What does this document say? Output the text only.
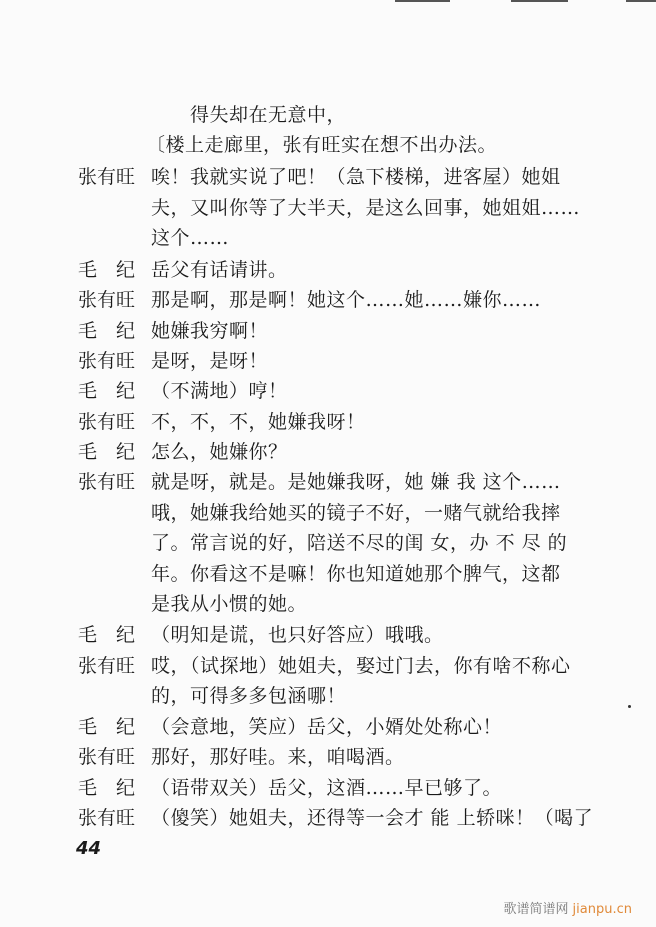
得失却在无意中，
〔楼上走廊里，张有旺实在想不出办法。
张有旺 唉！我就实说了吧！（急下楼梯，进客屋）她姐
夫，又叫你等了大半天，是这么回事，她姐姐……
这个……
毛　纪 岳父有话请讲。
张有旺 那是啊，那是啊！她这个……她……嫌你……
毛　纪 她嫌我穷啊！
张有旺 是呀，是呀！
毛　纪 （不满地）哼！
张有旺 不，不，不，她嫌我呀！
毛　纪 怎么，她嫌你？
张有旺 就是呀，就是。是她嫌我呀，她 嫌 我 这个……
哦，她嫌我给她买的镜子不好，一赌气就给我摔
了。常言说的好，陪送不尽的闺 女，办 不 尽 的
年。你看这不是嘛！你也知道她那个脾气，这都
是我从小惯的她。
毛　纪 （明知是谎，也只好答应）哦哦。
张有旺 哎，（试探地）她姐夫，娶过门去，你有啥不称心
的，可得多多包涵哪！
毛　纪 （会意地，笑应）岳父，小婿处处称心！
张有旺 那好，那好哇。来，咱喝酒。
毛　纪 （语带双关）岳父，这酒……早已够了。
张有旺 （傻笑）她姐夫，还得等一会才 能 上轿咪！（喝了
44
歌谱简谱网 jianpu.cn
